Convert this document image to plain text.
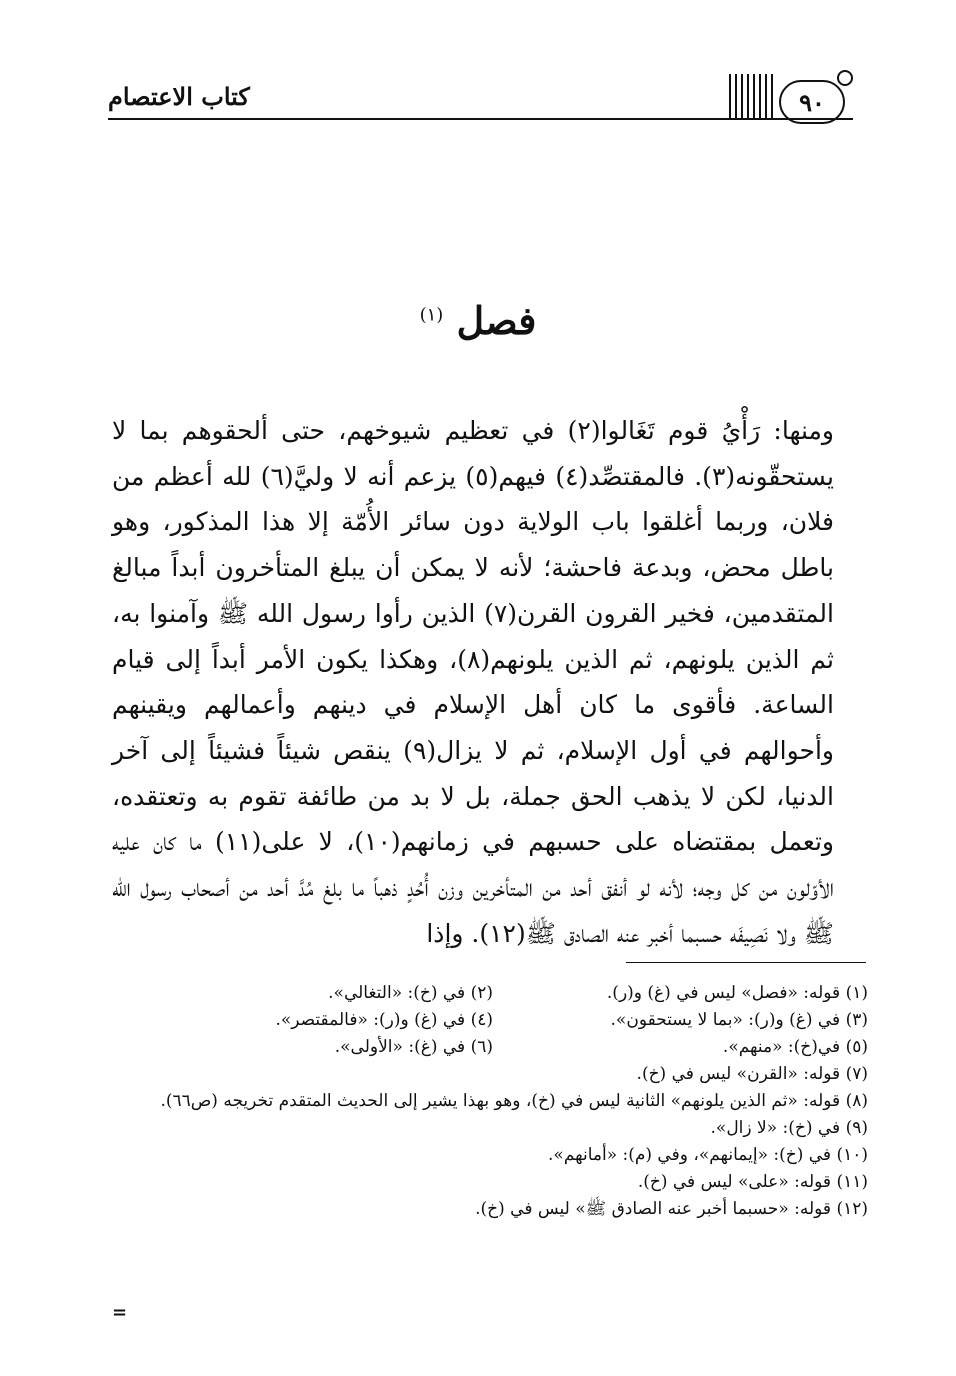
كتاب الاعتصام	٩٠
فصل $^{(١)}$
ومنها: رَأْيُ قوم تَغَالوا(٢) في تعظيم شيوخهم، حتى ألحقوهم بما لا يستحقّونه(٣). فالمقتصِّد(٤) فيهم(٥) يزعم أنه لا وليَّ(٦) لله أعظم من فلان، وربما أغلقوا باب الولاية دون سائر الأُمّة إلا هذا المذكور، وهو باطل محض، وبدعة فاحشة؛ لأنه لا يمكن أن يبلغ المتأخرون أبداً مبالغ المتقدمين، فخير القرون القرن(٧) الذين رأوا رسول الله ﷺ وآمنوا به، ثم الذين يلونهم، ثم الذين يلونهم(٨)، وهكذا يكون الأمر أبداً إلى قيام الساعة. فأقوى ما كان أهل الإسلام في دينهم وأعمالهم ويقينهم وأحوالهم في أول الإسلام، ثم لا يزال(٩) ينقص شيئاً فشيئاً إلى آخر الدنيا، لكن لا يذهب الحق جملة، بل لا بد من طائفة تقوم به وتعتقده، وتعمل بمقتضاه على حسبهم في زمانهم(١٠)، لا على(١١) ما كان عليه الأوّلون من كل وجه؛ لأنه لو أنفق أحد من المتأخرين وزن أُحُدٍ ذهباً ما بلغ مُدَّ أحد من أصحاب رسول الله ﷺ ولا نَصِيفَه حسبما أخبر عنه الصادق ﷺ(١٢). وإذا
(١) قوله: «فصل» ليس في (غ) و(ر).
(٢) في (خ): «التغالي».
(٣) في (غ) و(ر): «بما لا يستحقون».
(٤) في (غ) و(ر): «فالمقتصر».
(٥) في(خ): «منهم».
(٦) في (غ): «الأولى».
(٧) قوله: «القرن» ليس في (خ).
(٨) قوله: «ثم الذين يلونهم» الثانية ليس في (خ)، وهو بهذا يشير إلى الحديث المتقدم تخريجه (ص٦٦).
(٩) في (خ): «لا زال».
(١٠) في (خ): «إيمانهم»، وفي (م): «أمانهم».
(١١) قوله: «على» ليس في (خ).
(١٢) قوله: «حسبما أخبر عنه الصادق ﷺ» ليس في (خ).
=
